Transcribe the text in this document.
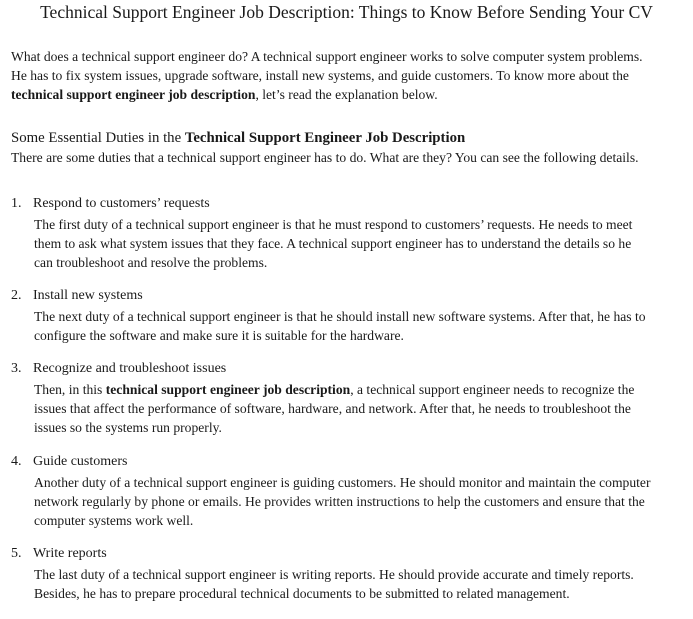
Technical Support Engineer Job Description: Things to Know Before Sending Your CV

What does a technical support engineer do? A technical support engineer works to solve computer system problems.
He has to fix system issues, upgrade software, install new systems, and guide customers. To know more about the
technical support engineer job description, let’s read the explanation below.

Some Essential Duties in the Technical Support Engineer Job Description

There are some duties that a technical support engineer has to do. What are they? You can see the following details.

1. Respond to customers’ requests
The first duty of a technical support engineer is that he must respond to customers’ requests. He needs to meet
them to ask what system issues that they face. A technical support engineer has to understand the details so he
can troubleshoot and resolve the problems.
2. Install new systems
The next duty of a technical support engineer is that he should install new software systems. After that, he has to
configure the software and make sure it is suitable for the hardware.
3. Recognize and troubleshoot issues
Then, in this technical support engineer job description, a technical support engineer needs to recognize the
issues that affect the performance of software, hardware, and network. After that, he needs to troubleshoot the
issues so the systems run properly.
4. Guide customers
Another duty of a technical support engineer is guiding customers. He should monitor and maintain the computer
network regularly by phone or emails. He provides written instructions to help the customers and ensure that the
computer systems work well.
5. Write reports
The last duty of a technical support engineer is writing reports. He should provide accurate and timely reports.
Besides, he has to prepare procedural technical documents to be submitted to related management.
